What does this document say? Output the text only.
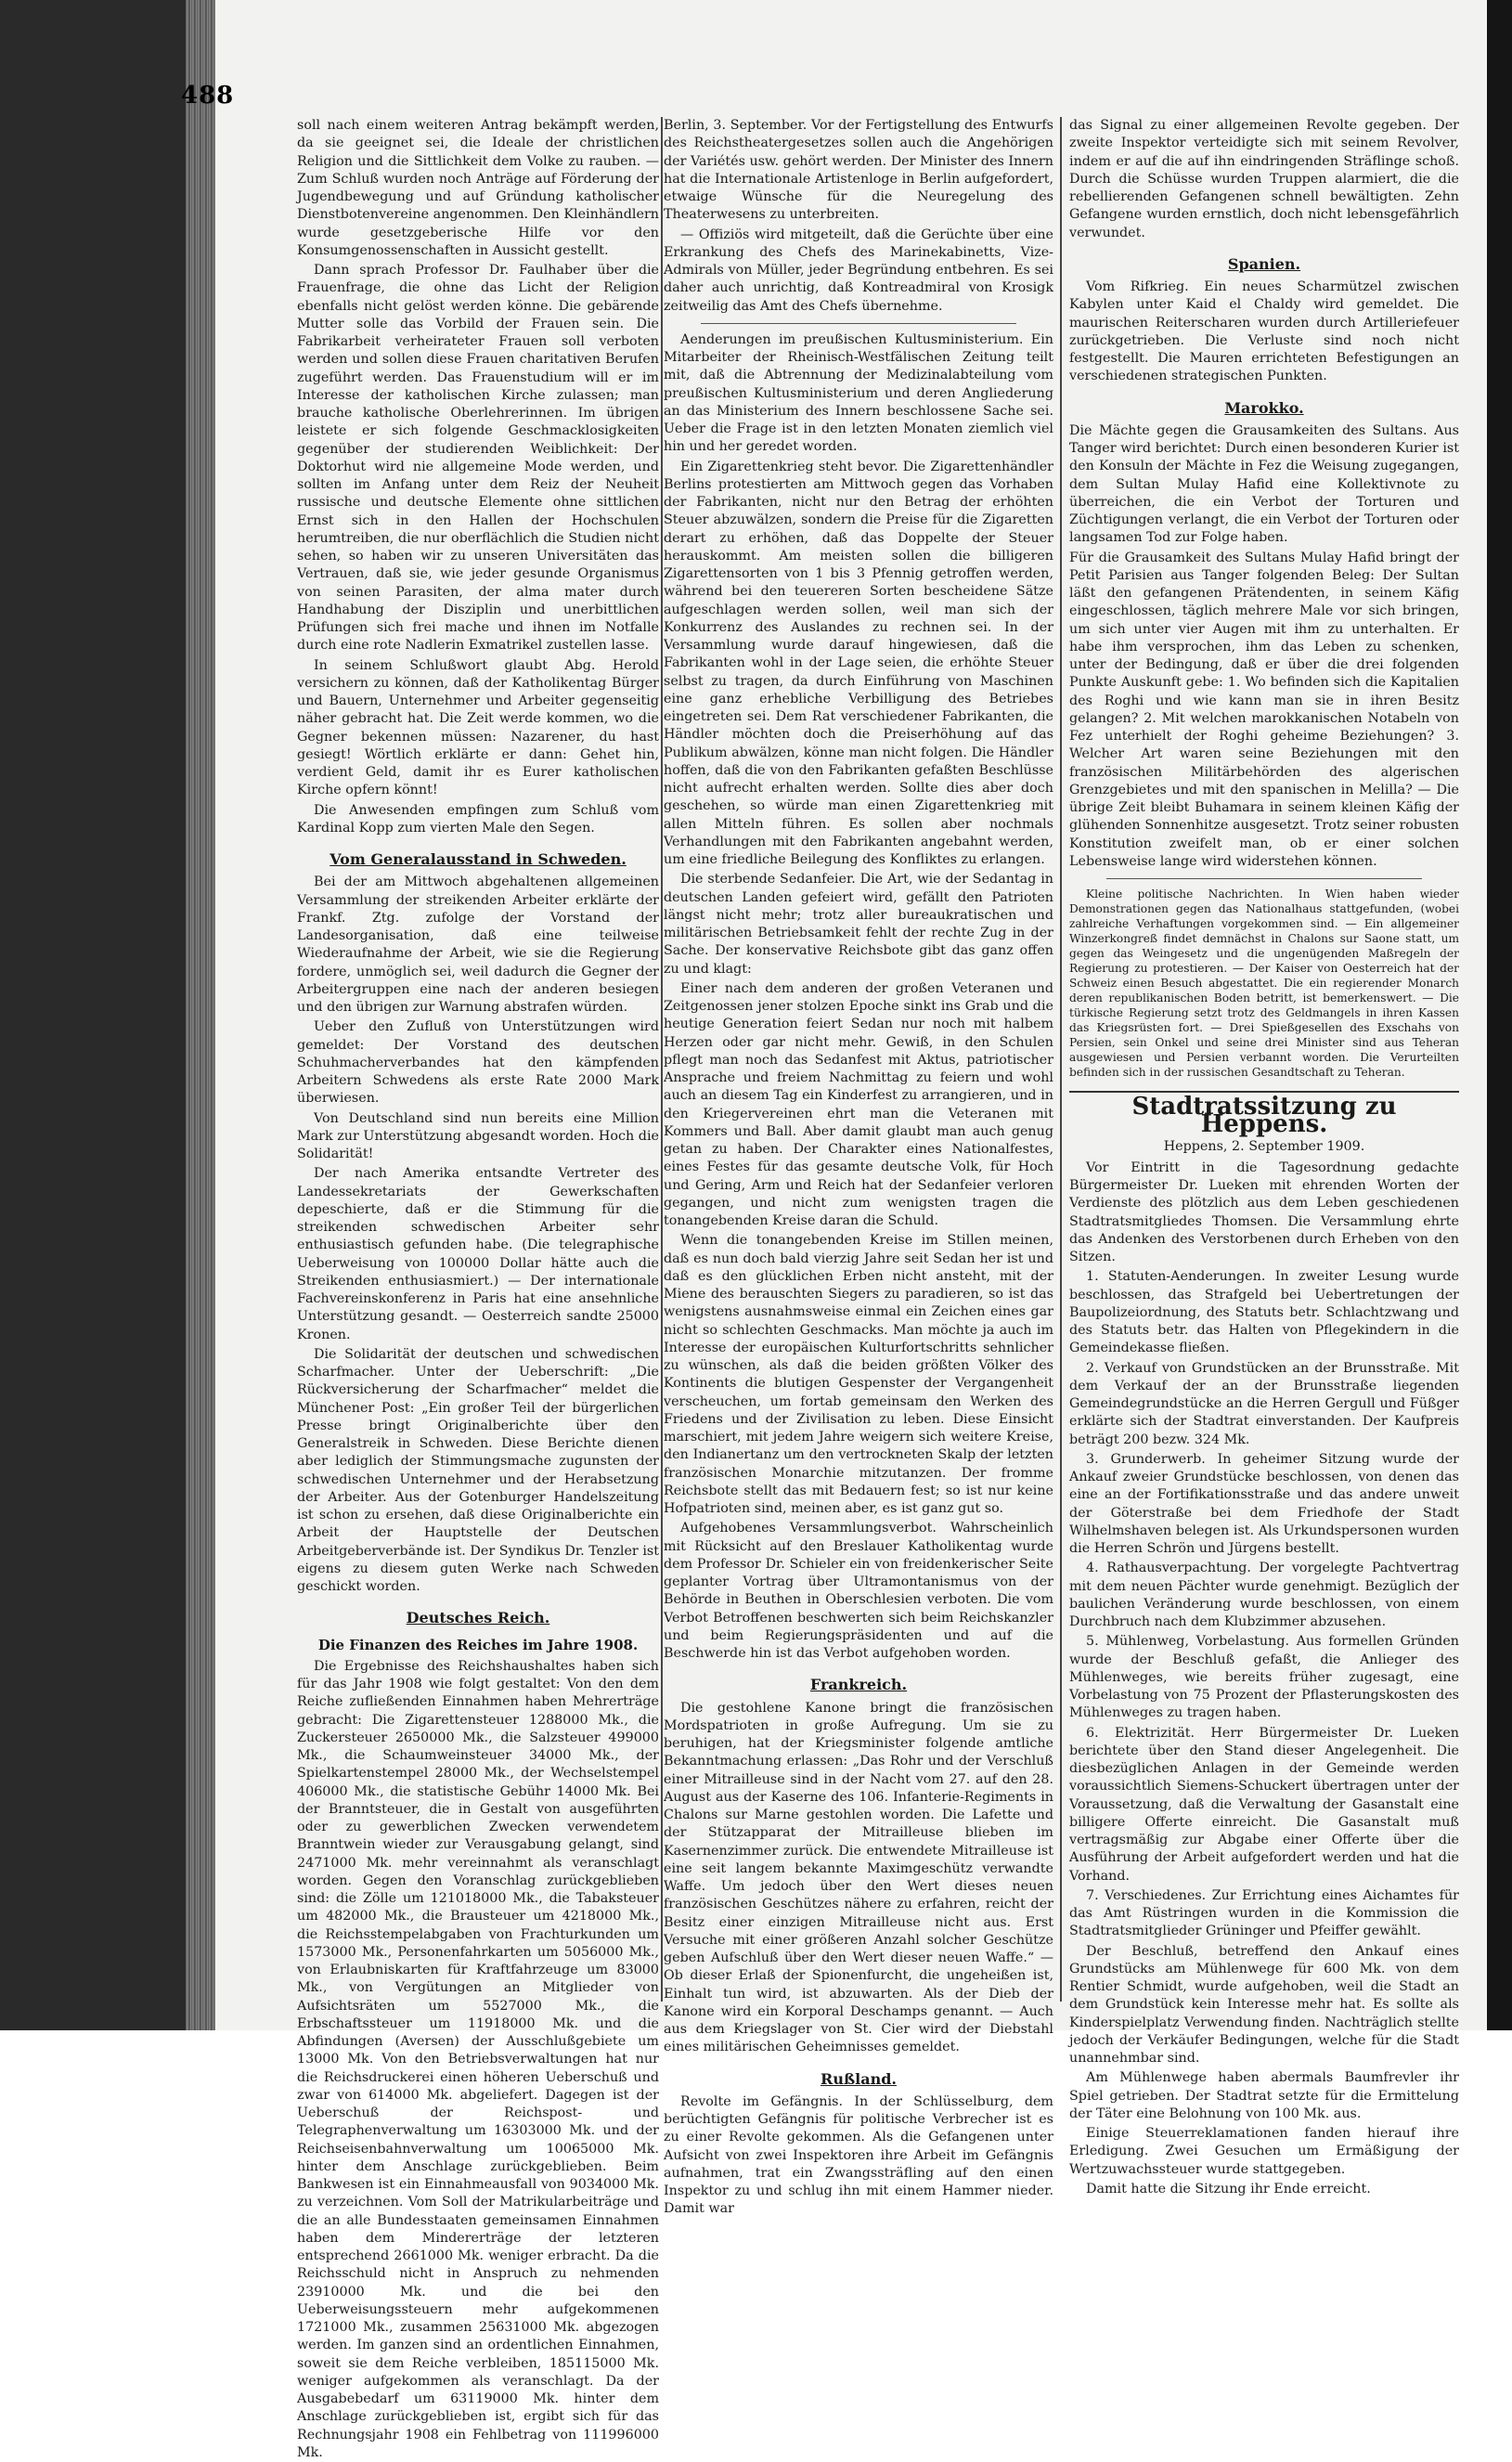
488

soll nach einem weiteren Antrag bekämpft werden, da sie geeignet sei, die Ideale der christlichen Religion und die Sittlichkeit dem Volke zu rauben. — Zum Schluß wurden noch Anträge auf Förderung der Jugendbewegung und auf Gründung katholischer Dienstbotenvereine angenommen. Den Kleinhändlern wurde gesetzgeberische Hilfe vor den Konsumgenossenschaften in Aussicht gestellt.

Dann sprach Professor Dr. Faulhaber über die Frauenfrage, die ohne das Licht der Religion ebenfalls nicht gelöst werden könne. Die gebärende Mutter solle das Vorbild der Frauen sein. Die Fabrikarbeit verheirateter Frauen soll verboten werden und sollen diese Frauen charitativen Berufen zugeführt werden. Das Frauenstudium will er im Interesse der katholischen Kirche zulassen; man brauche katholische Oberlehrerinnen. Im übrigen leistete er sich folgende Geschmacklosigkeiten gegenüber der studierenden Weiblichkeit: Der Doktorhut wird nie allgemeine Mode werden, und sollten im Anfang unter dem Reiz der Neuheit russische und deutsche Elemente ohne sittlichen Ernst sich in den Hallen der Hochschulen herumtreiben, die nur oberflächlich die Studien nicht sehen, so haben wir zu unseren Universitäten das Vertrauen, daß sie, wie jeder gesunde Organismus von seinen Parasiten, der alma mater durch Handhabung der Disziplin und unerbittlichen Prüfungen sich frei mache und ihnen im Notfalle durch eine rote Nadlerin Exmatrikel zustellen lasse.

In seinem Schlußwort glaubt Abg. Herold versichern zu können, daß der Katholikentag Bürger und Bauern, Unternehmer und Arbeiter gegenseitig näher gebracht hat. Die Zeit werde kommen, wo die Gegner bekennen müssen: Nazarener, du hast gesiegt! Wörtlich erklärte er dann: Gehet hin, verdient Geld, damit ihr es Eurer katholischen Kirche opfern könnt!

Die Anwesenden empfingen zum Schluß vom Kardinal Kopp zum vierten Male den Segen.

Vom Generalausstand in Schweden.

Bei der am Mittwoch abgehaltenen allgemeinen Versammlung der streikenden Arbeiter erklärte der Frankf. Ztg. zufolge der Vorstand der Landesorganisation, daß eine teilweise Wiederaufnahme der Arbeit, wie sie die Regierung fordere, unmöglich sei, weil dadurch die Gegner der Arbeitergruppen eine nach der anderen besiegen und den übrigen zur Warnung abstrafen würden.

Ueber den Zufluß von Unterstützungen wird gemeldet: Der Vorstand des deutschen Schuhmacherverbandes hat den kämpfenden Arbeitern Schwedens als erste Rate 2000 Mark überwiesen.

Von Deutschland sind nun bereits eine Million Mark zur Unterstützung abgesandt worden. Hoch die Solidarität!

Der nach Amerika entsandte Vertreter des Landessekretariats der Gewerkschaften depeschierte, daß er die Stimmung für die streikenden schwedischen Arbeiter sehr enthusiastisch gefunden habe. (Die telegraphische Ueberweisung von 100000 Dollar hätte auch die Streikenden enthusiasmiert.) — Der internationale Fachvereinskonferenz in Paris hat eine ansehnliche Unterstützung gesandt. — Oesterreich sandte 25000 Kronen.

Die Solidarität der deutschen und schwedischen Scharfmacher. Unter der Ueberschrift: „Die Rückversicherung der Scharfmacher“ meldet die Münchener Post: „Ein großer Teil der bürgerlichen Presse bringt Originalberichte über den Generalstreik in Schweden. Diese Berichte dienen aber lediglich der Stimmungsmache zugunsten der schwedischen Unternehmer und der Herabsetzung der Arbeiter. Aus der Gotenburger Handelszeitung ist schon zu ersehen, daß diese Originalberichte ein Arbeit der Hauptstelle der Deutschen Arbeitgeberverbände ist. Der Syndikus Dr. Tenzler ist eigens zu diesem guten Werke nach Schweden geschickt worden.

Deutsches Reich.
Die Finanzen des Reiches im Jahre 1908.

Die Ergebnisse des Reichshaushaltes haben sich für das Jahr 1908 wie folgt gestaltet: Von den dem Reiche zufließenden Einnahmen haben Mehrerträge gebracht: Die Zigarettensteuer 1288000 Mk., die Zuckersteuer 2650000 Mk., die Salzsteuer 499000 Mk., die Schaumweinsteuer 34000 Mk., der Spielkartenstempel 28000 Mk., der Wechselstempel 406000 Mk., die statistische Gebühr 14000 Mk. Bei der Branntsteuer, die in Gestalt von ausgeführten oder zu gewerblichen Zwecken verwendetem Branntwein wieder zur Verausgabung gelangt, sind 2471000 Mk. mehr vereinnahmt als veranschlagt worden. Gegen den Voranschlag zurückgeblieben sind: die Zölle um 121018000 Mk., die Tabaksteuer um 482000 Mk., die Brausteuer um 4218000 Mk., die Reichsstempelabgaben von Frachturkunden um 1573000 Mk., Personenfahrkarten um 5056000 Mk., von Erlaubniskarten für Kraftfahrzeuge um 83000 Mk., von Vergütungen an Mitglieder von Aufsichtsräten um 5527000 Mk., die Erbschaftssteuer um 11918000 Mk. und die Abfindungen (Aversen) der Ausschlußgebiete um 13000 Mk. Von den Betriebsverwaltungen hat nur die Reichsdruckerei einen höheren Ueberschuß und zwar von 614000 Mk. abgeliefert. Dagegen ist der Ueberschuß der Reichspost- und Telegraphenverwaltung um 16303000 Mk. und der Reichseisenbahnverwaltung um 10065000 Mk. hinter dem Anschlage zurückgeblieben. Beim Bankwesen ist ein Einnahmeausfall von 9034000 Mk. zu verzeichnen. Vom Soll der Matrikularbeiträge und die an alle Bundesstaaten gemeinsamen Einnahmen haben dem Mindererträge der letzteren entsprechend 2661000 Mk. weniger erbracht. Da die Reichsschuld nicht in Anspruch zu nehmenden 23910000 Mk. und die bei den Ueberweisungssteuern mehr aufgekommenen 1721000 Mk., zusammen 25631000 Mk. abgezogen werden. Im ganzen sind an ordentlichen Einnahmen, soweit sie dem Reiche verbleiben, 185115000 Mk. weniger aufgekommen als veranschlagt. Da der Ausgabebedarf um 63119000 Mk. hinter dem Anschlage zurückgeblieben ist, ergibt sich für das Rechnungsjahr 1908 ein Fehlbetrag von 111996000 Mk.

Berlin, 3. September. Vor der Fertigstellung des Entwurfs des Reichstheatergesetzes sollen auch die Angehörigen der Variétés usw. gehört werden. Der Minister des Innern hat die Internationale Artistenloge in Berlin aufgefordert, etwaige Wünsche für die Neuregelung des Theaterwesens zu unterbreiten.

— Offiziös wird mitgeteilt, daß die Gerüchte über eine Erkrankung des Chefs des Marinekabinetts, Vize-Admirals von Müller, jeder Begründung entbehren. Es sei daher auch unrichtig, daß Kontreadmiral von Krosigk zeitweilig das Amt des Chefs übernehme.

Aenderungen im preußischen Kultusministerium. Ein Mitarbeiter der Rheinisch-Westfälischen Zeitung teilt mit, daß die Abtrennung der Medizinalabteilung vom preußischen Kultusministerium und deren Angliederung an das Ministerium des Innern beschlossene Sache sei. Ueber die Frage ist in den letzten Monaten ziemlich viel hin und her geredet worden.

Ein Zigarettenkrieg steht bevor. Die Zigarettenhändler Berlins protestierten am Mittwoch gegen das Vorhaben der Fabrikanten, nicht nur den Betrag der erhöhten Steuer abzuwälzen, sondern die Preise für die Zigaretten derart zu erhöhen, daß das Doppelte der Steuer herauskommt. Am meisten sollen die billigeren Zigarettensorten von 1 bis 3 Pfennig getroffen werden, während bei den teuereren Sorten bescheidene Sätze aufgeschlagen werden sollen, weil man sich der Konkurrenz des Auslandes zu rechnen sei. In der Versammlung wurde darauf hingewiesen, daß die Fabrikanten wohl in der Lage seien, die erhöhte Steuer selbst zu tragen, da durch Einführung von Maschinen eine ganz erhebliche Verbilligung des Betriebes eingetreten sei. Dem Rat verschiedener Fabrikanten, die Händler möchten doch die Preiserhöhung auf das Publikum abwälzen, könne man nicht folgen. Die Händler hoffen, daß die von den Fabrikanten gefaßten Beschlüsse nicht aufrecht erhalten werden. Sollte dies aber doch geschehen, so würde man einen Zigarettenkrieg mit allen Mitteln führen. Es sollen aber nochmals Verhandlungen mit den Fabrikanten angebahnt werden, um eine friedliche Beilegung des Konfliktes zu erlangen.

Die sterbende Sedanfeier. Die Art, wie der Sedantag in deutschen Landen gefeiert wird, gefällt den Patrioten längst nicht mehr; trotz aller bureaukratischen und militärischen Betriebsamkeit fehlt der rechte Zug in der Sache. Der konservative Reichsbote gibt das ganz offen zu und klagt:

Einer nach dem anderen der großen Veteranen und Zeitgenossen jener stolzen Epoche sinkt ins Grab und die heutige Generation feiert Sedan nur noch mit halbem Herzen oder gar nicht mehr. Gewiß, in den Schulen pflegt man noch das Sedanfest mit Aktus, patriotischer Ansprache und freiem Nachmittag zu feiern und wohl auch an diesem Tag ein Kinderfest zu arrangieren, und in den Kriegervereinen ehrt man die Veteranen mit Kommers und Ball. Aber damit glaubt man auch genug getan zu haben. Der Charakter eines Nationalfestes, eines Festes für das gesamte deutsche Volk, für Hoch und Gering, Arm und Reich hat der Sedanfeier verloren gegangen, und nicht zum wenigsten tragen die tonangebenden Kreise daran die Schuld.

Wenn die tonangebenden Kreise im Stillen meinen, daß es nun doch bald vierzig Jahre seit Sedan her ist und daß es den glücklichen Erben nicht ansteht, mit der Miene des berauschten Siegers zu paradieren, so ist das wenigstens ausnahmsweise einmal ein Zeichen eines gar nicht so schlechten Geschmacks. Man möchte ja auch im Interesse der europäischen Kulturfortschritts sehnlicher zu wünschen, als daß die beiden größten Völker des Kontinents die blutigen Gespenster der Vergangenheit verscheuchen, um fortab gemeinsam den Werken des Friedens und der Zivilisation zu leben. Diese Einsicht marschiert, mit jedem Jahre weigern sich weitere Kreise, den Indianertanz um den vertrockneten Skalp der letzten französischen Monarchie mitzutanzen. Der fromme Reichsbote stellt das mit Bedauern fest; so ist nur keine Hofpatrioten sind, meinen aber, es ist ganz gut so.

Aufgehobenes Versammlungsverbot. Wahrscheinlich mit Rücksicht auf den Breslauer Katholikentag wurde dem Professor Dr. Schieler ein von freidenkerischer Seite geplanter Vortrag über Ultramontanismus von der Behörde in Beuthen in Oberschlesien verboten. Die vom Verbot Betroffenen beschwerten sich beim Reichskanzler und beim Regierungspräsidenten und auf die Beschwerde hin ist das Verbot aufgehoben worden.

Frankreich.

Die gestohlene Kanone bringt die französischen Mordspatrioten in große Aufregung. Um sie zu beruhigen, hat der Kriegsminister folgende amtliche Bekanntmachung erlassen: „Das Rohr und der Verschluß einer Mitrailleuse sind in der Nacht vom 27. auf den 28. August aus der Kaserne des 106. Infanterie-Regiments in Chalons sur Marne gestohlen worden. Die Lafette und der Stützapparat der Mitrailleuse blieben im Kasernenzimmer zurück. Die entwendete Mitrailleuse ist eine seit langem bekannte Maximgeschütz verwandte Waffe. Um jedoch über den Wert dieses neuen französischen Geschützes nähere zu erfahren, reicht der Besitz einer einzigen Mitrailleuse nicht aus. Erst Versuche mit einer größeren Anzahl solcher Geschütze geben Aufschluß über den Wert dieser neuen Waffe.“ — Ob dieser Erlaß der Spionenfurcht, die ungeheißen ist, Einhalt tun wird, ist abzuwarten. Als der Dieb der Kanone wird ein Korporal Deschamps genannt. — Auch aus dem Kriegslager von St. Cier wird der Diebstahl eines militärischen Geheimnisses gemeldet.

Rußland.

Revolte im Gefängnis. In der Schlüsselburg, dem berüchtigten Gefängnis für politische Verbrecher ist es zu einer Revolte gekommen. Als die Gefangenen unter Aufsicht von zwei Inspektoren ihre Arbeit im Gefängnis aufnahmen, trat ein Zwangssträfling auf den einen Inspektor zu und schlug ihn mit einem Hammer nieder. Damit war

das Signal zu einer allgemeinen Revolte gegeben. Der zweite Inspektor verteidigte sich mit seinem Revolver, indem er auf die auf ihn eindringenden Sträflinge schoß. Durch die Schüsse wurden Truppen alarmiert, die die rebellierenden Gefangenen schnell bewältigten. Zehn Gefangene wurden ernstlich, doch nicht lebensgefährlich verwundet.

Spanien.

Vom Rifkrieg. Ein neues Scharmützel zwischen Kabylen unter Kaid el Chaldy wird gemeldet. Die maurischen Reiterscharen wurden durch Artilleriefeuer zurückgetrieben. Die Verluste sind noch nicht festgestellt. Die Mauren errichteten Befestigungen an verschiedenen strategischen Punkten.

Marokko.

Die Mächte gegen die Grausamkeiten des Sultans. Aus Tanger wird berichtet: Durch einen besonderen Kurier ist den Konsuln der Mächte in Fez die Weisung zugegangen, dem Sultan Mulay Hafid eine Kollektivnote zu überreichen, die ein Verbot der Torturen und Züchtigungen verlangt, die ein Verbot der Torturen oder langsamen Tod zur Folge haben.

Für die Grausamkeit des Sultans Mulay Hafid bringt der Petit Parisien aus Tanger folgenden Beleg: Der Sultan läßt den gefangenen Prätendenten, in seinem Käfig eingeschlossen, täglich mehrere Male vor sich bringen, um sich unter vier Augen mit ihm zu unterhalten. Er habe ihm versprochen, ihm das Leben zu schenken, unter der Bedingung, daß er über die drei folgenden Punkte Auskunft gebe: 1. Wo befinden sich die Kapitalien des Roghi und wie kann man sie in ihren Besitz gelangen? 2. Mit welchen marokkanischen Notabeln von Fez unterhielt der Roghi geheime Beziehungen? 3. Welcher Art waren seine Beziehungen mit den französischen Militärbehörden des algerischen Grenzgebietes und mit den spanischen in Melilla? — Die übrige Zeit bleibt Buhamara in seinem kleinen Käfig der glühenden Sonnenhitze ausgesetzt. Trotz seiner robusten Konstitution zweifelt man, ob er einer solchen Lebensweise lange wird widerstehen können.

Kleine politische Nachrichten. In Wien haben wieder Demonstrationen gegen das Nationalhaus stattgefunden, (wobei zahlreiche Verhaftungen vorgekommen sind. — Ein allgemeiner Winzerkongreß findet demnächst in Chalons sur Saone statt, um gegen das Weingesetz und die ungenügenden Maßregeln der Regierung zu protestieren. — Der Kaiser von Oesterreich hat der Schweiz einen Besuch abgestattet. Die ein regierender Monarch deren republikanischen Boden betritt, ist bemerkenswert. — Die türkische Regierung setzt trotz des Geldmangels in ihren Kassen das Kriegsrüsten fort. — Drei Spießgesellen des Exschahs von Persien, sein Onkel und seine drei Minister sind aus Teheran ausgewiesen und Persien verbannt worden. Die Verurteilten befinden sich in der russischen Gesandtschaft zu Teheran.

Stadtratssitzung zu Heppens.
Heppens, 2. September 1909.

Vor Eintritt in die Tagesordnung gedachte Bürgermeister Dr. Lueken mit ehrenden Worten der Verdienste des plötzlich aus dem Leben geschiedenen Stadtratsmitgliedes Thomsen. Die Versammlung ehrte das Andenken des Verstorbenen durch Erheben von den Sitzen.

1. Statuten-Aenderungen. In zweiter Lesung wurde beschlossen, das Strafgeld bei Uebertretungen der Baupolizeiordnung, des Statuts betr. Schlachtzwang und des Statuts betr. das Halten von Pflegekindern in die Gemeindekasse fließen.

2. Verkauf von Grundstücken an der Brunsstraße. Mit dem Verkauf der an der Brunsstraße liegenden Gemeindegrundstücke an die Herren Gergull und Füßger erklärte sich der Stadtrat einverstanden. Der Kaufpreis beträgt 200 bezw. 324 Mk.

3. Grunderwerb. In geheimer Sitzung wurde der Ankauf zweier Grundstücke beschlossen, von denen das eine an der Fortifikationsstraße und das andere unweit der Göterstraße bei dem Friedhofe der Stadt Wilhelmshaven belegen ist. Als Urkundspersonen wurden die Herren Schrön und Jürgens bestellt.

4. Rathausverpachtung. Der vorgelegte Pachtvertrag mit dem neuen Pächter wurde genehmigt. Bezüglich der baulichen Veränderung wurde beschlossen, von einem Durchbruch nach dem Klubzimmer abzusehen.

5. Mühlenweg, Vorbelastung. Aus formellen Gründen wurde der Beschluß gefaßt, die Anlieger des Mühlenweges, wie bereits früher zugesagt, eine Vorbelastung von 75 Prozent der Pflasterungskosten des Mühlenweges zu tragen haben.

6. Elektrizität. Herr Bürgermeister Dr. Lueken berichtete über den Stand dieser Angelegenheit. Die diesbezüglichen Anlagen in der Gemeinde werden voraussichtlich Siemens-Schuckert übertragen unter der Voraussetzung, daß die Verwaltung der Gasanstalt eine billigere Offerte einreicht. Die Gasanstalt muß vertragsmäßig zur Abgabe einer Offerte über die Ausführung der Arbeit aufgefordert werden und hat die Vorhand.

7. Verschiedenes. Zur Errichtung eines Aichamtes für das Amt Rüstringen wurden in die Kommission die Stadtratsmitglieder Grüninger und Pfeiffer gewählt.

Der Beschluß, betreffend den Ankauf eines Grundstücks am Mühlenwege für 600 Mk. von dem Rentier Schmidt, wurde aufgehoben, weil die Stadt an dem Grundstück kein Interesse mehr hat. Es sollte als Kinderspielplatz Verwendung finden. Nachträglich stellte jedoch der Verkäufer Bedingungen, welche für die Stadt unannehmbar sind.

Am Mühlenwege haben abermals Baumfrevler ihr Spiel getrieben. Der Stadtrat setzte für die Ermittelung der Täter eine Belohnung von 100 Mk. aus.

Einige Steuerreklamationen fanden hierauf ihre Erledigung. Zwei Gesuchen um Ermäßigung der Wertzuwachssteuer wurde stattgegeben.

Damit hatte die Sitzung ihr Ende erreicht.
